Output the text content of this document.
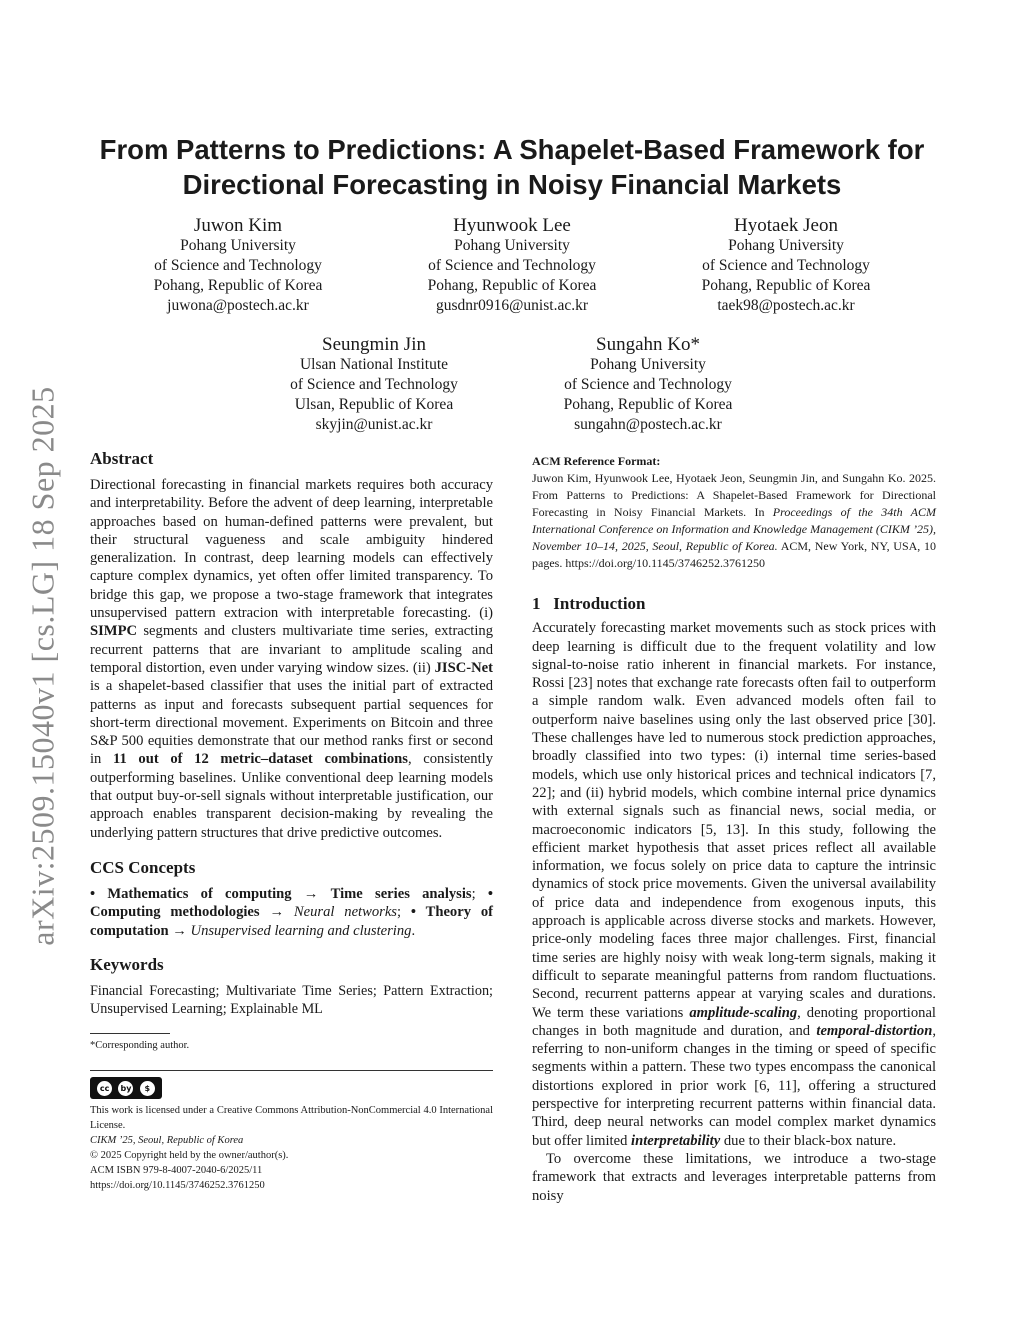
arXiv:2509.15040v1 [cs.LG] 18 Sep 2025
From Patterns to Predictions: A Shapelet-Based Framework for
Directional Forecasting in Noisy Financial Markets
Juwon Kim
Pohang University
of Science and Technology
Pohang, Republic of Korea
juwona@postech.ac.kr
Hyunwook Lee
Pohang University
of Science and Technology
Pohang, Republic of Korea
gusdnr0916@unist.ac.kr
Hyotaek Jeon
Pohang University
of Science and Technology
Pohang, Republic of Korea
taek98@postech.ac.kr
Seungmin Jin
Ulsan National Institute
of Science and Technology
Ulsan, Republic of Korea
skyjin@unist.ac.kr
Sungahn Ko*
Pohang University
of Science and Technology
Pohang, Republic of Korea
sungahn@postech.ac.kr
Abstract

Directional forecasting in financial markets requires both accuracy and interpretability. Before the advent of deep learning, interpretable approaches based on human-defined patterns were prevalent, but their structural vagueness and scale ambiguity hindered generalization. In contrast, deep learning models can effectively capture complex dynamics, yet often offer limited transparency. To bridge this gap, we propose a two-stage framework that integrates unsupervised pattern extracion with interpretable forecasting. (i) SIMPC segments and clusters multivariate time series, extracting recurrent patterns that are invariant to amplitude scaling and temporal distortion, even under varying window sizes. (ii) JISC-Net is a shapelet-based classifier that uses the initial part of extracted patterns as input and forecasts subsequent partial sequences for short-term directional movement. Experiments on Bitcoin and three S&P 500 equities demonstrate that our method ranks first or second in 11 out of 12 metric–dataset combinations, consistently outperforming baselines. Unlike conventional deep learning models that output buy-or-sell signals without interpretable justification, our approach enables transparent decision-making by revealing the underlying pattern structures that drive predictive outcomes.

CCS Concepts

• Mathematics of computing → Time series analysis; • Computing methodologies → Neural networks; • Theory of computation → Unsupervised learning and clustering.

Keywords

Financial Forecasting; Multivariate Time Series; Pattern Extraction; Unsupervised Learning; Explainable ML

*Corresponding author.
cc	by	$

This work is licensed under a Creative Commons Attribution-NonCommercial 4.0 International License.

CIKM ’25, Seoul, Republic of Korea

© 2025 Copyright held by the owner/author(s).

ACM ISBN 979-8-4007-2040-6/2025/11

https://doi.org/10.1145/3746252.3761250

ACM Reference Format:

Juwon Kim, Hyunwook Lee, Hyotaek Jeon, Seungmin Jin, and Sungahn Ko. 2025. From Patterns to Predictions: A Shapelet-Based Framework for Directional Forecasting in Noisy Financial Markets. In Proceedings of the 34th ACM International Conference on Information and Knowledge Management (CIKM ’25), November 10–14, 2025, Seoul, Republic of Korea. ACM, New York, NY, USA, 10 pages. https://doi.org/10.1145/3746252.3761250

1 Introduction

Accurately forecasting market movements such as stock prices with deep learning is difficult due to the frequent volatility and low signal-to-noise ratio inherent in financial markets. For instance, Rossi [23] notes that exchange rate forecasts often fail to outperform a simple random walk. Even advanced models often fail to outperform naive baselines using only the last observed price [30]. These challenges have led to numerous stock prediction approaches, broadly classified into two types: (i) internal time series-based models, which use only historical prices and technical indicators [7, 22]; and (ii) hybrid models, which combine internal price dynamics with external signals such as financial news, social media, or macroeconomic indicators [5, 13]. In this study, following the efficient market hypothesis that asset prices reflect all available information, we focus solely on price data to capture the intrinsic dynamics of stock price movements. Given the universal availability of price data and independence from exogenous inputs, this approach is applicable across diverse stocks and markets. However, price-only modeling faces three major challenges. First, financial time series are highly noisy with weak long-term signals, making it difficult to separate meaningful patterns from random fluctuations. Second, recurrent patterns appear at varying scales and durations. We term these variations amplitude-scaling, denoting proportional changes in both magnitude and duration, and temporal-distortion, referring to non-uniform changes in the timing or speed of specific segments within a pattern. These two types encompass the canonical distortions explored in prior work [6, 11], offering a structured perspective for interpreting recurrent patterns within financial data. Third, deep neural networks can model complex market dynamics but offer limited interpretability due to their black-box nature.

To overcome these limitations, we introduce a two-stage framework that extracts and leverages interpretable patterns from noisy
